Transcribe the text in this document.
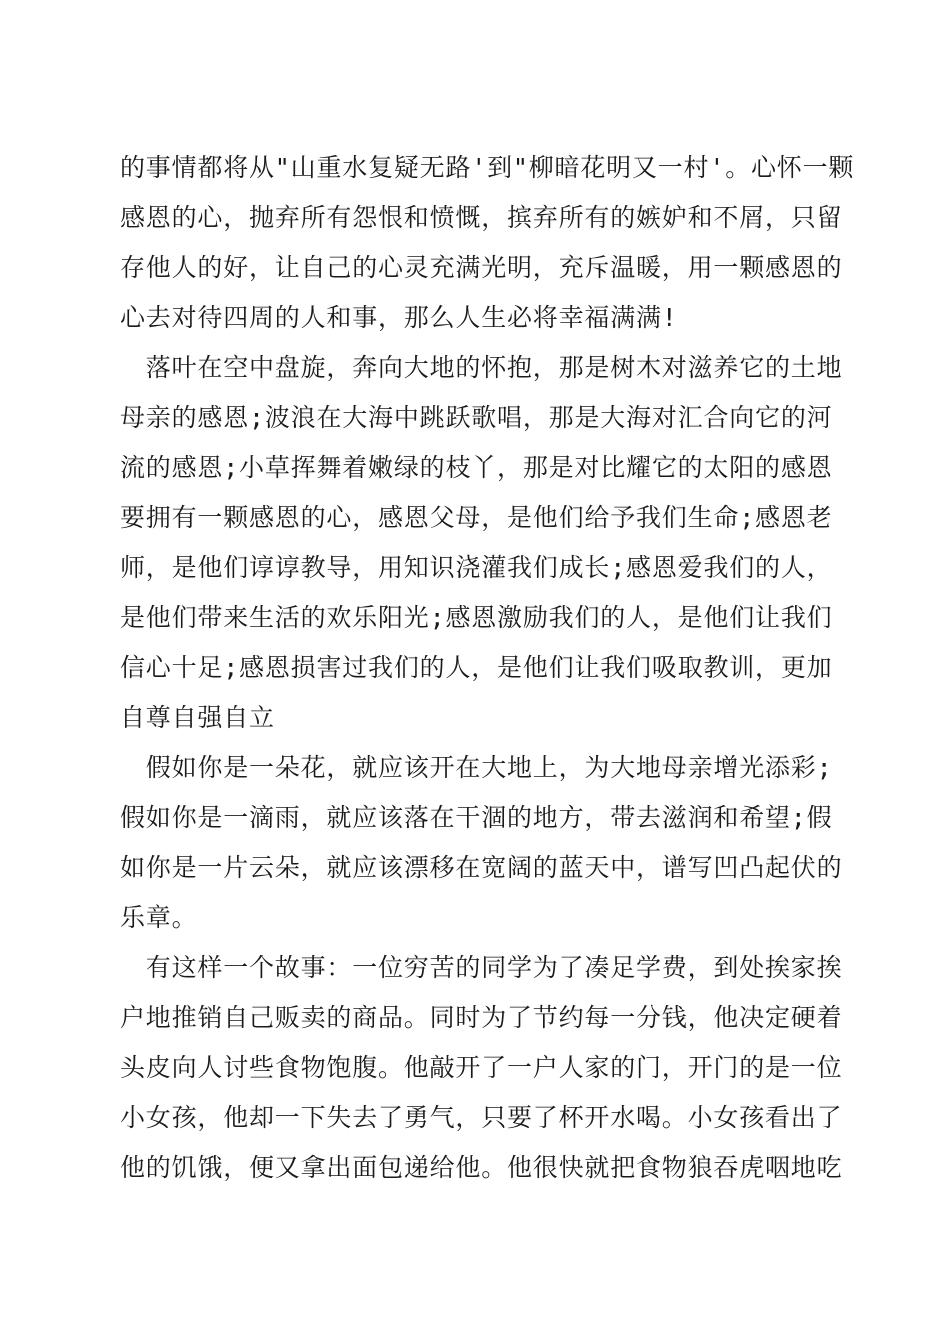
的事情都将从"山重水复疑无路'到"柳暗花明又一村'。心怀一颗
感恩的心，抛弃所有怨恨和愤慨，摈弃所有的嫉妒和不屑，只留
存他人的好，让自己的心灵充满光明，充斥温暖，用一颗感恩的
心去对待四周的人和事，那么人生必将幸福满满!
　落叶在空中盘旋，奔向大地的怀抱，那是树木对滋养它的土地
母亲的感恩;波浪在大海中跳跃歌唱，那是大海对汇合向它的河
流的感恩;小草挥舞着嫩绿的枝丫，那是对比耀它的太阳的感恩
要拥有一颗感恩的心，感恩父母，是他们给予我们生命;感恩老
师，是他们谆谆教导，用知识浇灌我们成长;感恩爱我们的人，
是他们带来生活的欢乐阳光;感恩激励我们的人，是他们让我们
信心十足;感恩损害过我们的人，是他们让我们吸取教训，更加
自尊自强自立
　假如你是一朵花，就应该开在大地上，为大地母亲增光添彩;
假如你是一滴雨，就应该落在干涸的地方，带去滋润和希望;假
如你是一片云朵，就应该漂移在宽阔的蓝天中，谱写凹凸起伏的
乐章。
　有这样一个故事：一位穷苦的同学为了凑足学费，到处挨家挨
户地推销自己贩卖的商品。同时为了节约每一分钱，他决定硬着
头皮向人讨些食物饱腹。他敲开了一户人家的门，开门的是一位
小女孩，他却一下失去了勇气，只要了杯开水喝。小女孩看出了
他的饥饿，便又拿出面包递给他。他很快就把食物狼吞虎咽地吃
